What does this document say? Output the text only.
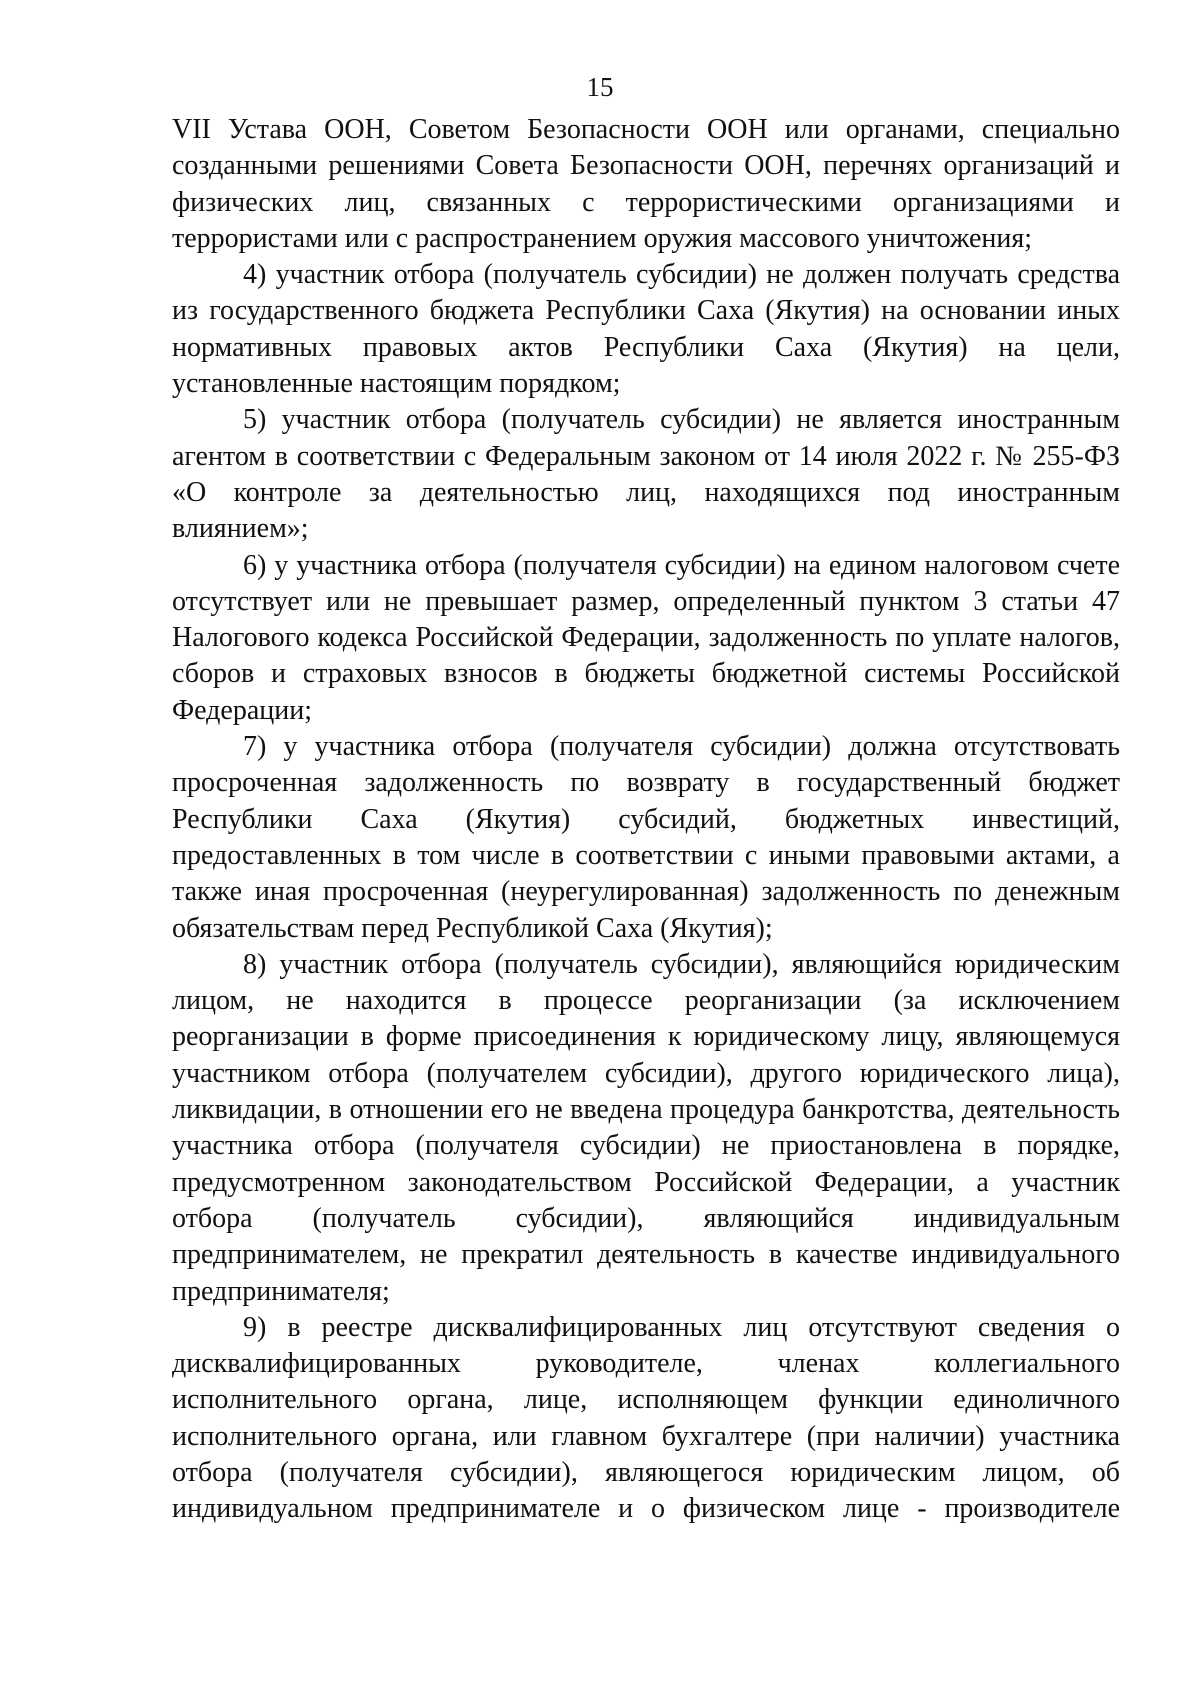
15

VII Устава ООН, Советом Безопасности ООН или органами, специально созданными решениями Совета Безопасности ООН, перечнях организаций и физических лиц, связанных с террористическими организациями и террористами или с распространением оружия массового уничтожения;

4) участник отбора (получатель субсидии) не должен получать средства из государственного бюджета Республики Саха (Якутия) на основании иных нормативных правовых актов Республики Саха (Якутия) на цели, установленные настоящим порядком;

5) участник отбора (получатель субсидии) не является иностранным агентом в соответствии с Федеральным законом от 14 июля 2022 г. № 255-ФЗ «О контроле за деятельностью лиц, находящихся под иностранным влиянием»;

6) у участника отбора (получателя субсидии) на едином налоговом счете отсутствует или не превышает размер, определенный пунктом 3 статьи 47 Налогового кодекса Российской Федерации, задолженность по уплате налогов, сборов и страховых взносов в бюджеты бюджетной системы Российской Федерации;

7) у участника отбора (получателя субсидии) должна отсутствовать просроченная задолженность по возврату в государственный бюджет Республики Саха (Якутия) субсидий, бюджетных инвестиций, предоставленных в том числе в соответствии с иными правовыми актами, а также иная просроченная (неурегулированная) задолженность по денежным обязательствам перед Республикой Саха (Якутия);

8) участник отбора (получатель субсидии), являющийся юридическим лицом, не находится в процессе реорганизации (за исключением реорганизации в форме присоединения к юридическому лицу, являющемуся участником отбора (получателем субсидии), другого юридического лица), ликвидации, в отношении его не введена процедура банкротства, деятельность участника отбора (получателя субсидии) не приостановлена в порядке, предусмотренном законодательством Российской Федерации, а участник отбора (получатель субсидии), являющийся индивидуальным предпринимателем, не прекратил деятельность в качестве индивидуального предпринимателя;

9) в реестре дисквалифицированных лиц отсутствуют сведения о дисквалифицированных руководителе, членах коллегиального исполнительного органа, лице, исполняющем функции единоличного исполнительного органа, или главном бухгалтере (при наличии) участника отбора (получателя субсидии), являющегося юридическим лицом, об индивидуальном предпринимателе и о физическом лице - производителе
